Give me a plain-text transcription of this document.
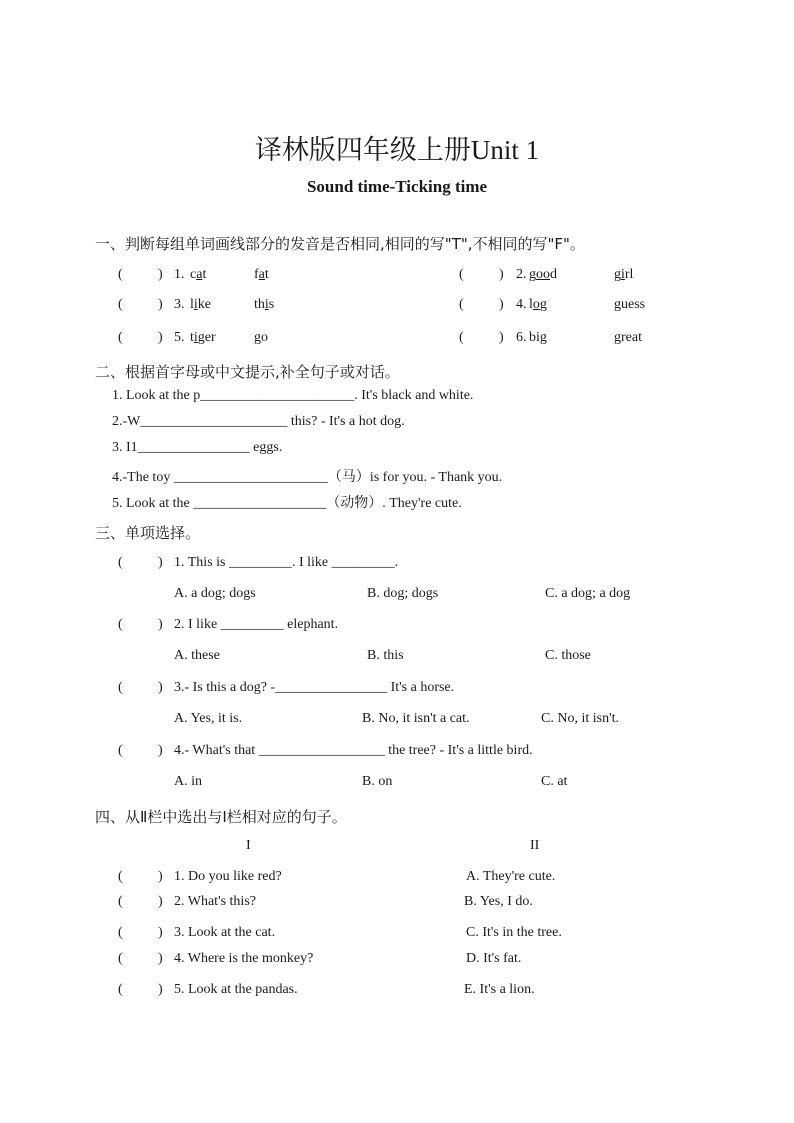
译林版四年级上册Unit 1
Sound time-Ticking time
一、判断每组单词画线部分的发音是否相同,相同的写"T",不相同的写"F"。
(	) 1. cat	fat	(	) 2. good	girl
(	) 3. like	this	(	) 4. log	guess
(	) 5. tiger	go	(	) 6. big	great
二、根据首字母或中文提示,补全句子或对话。
1. Look at the p______________________. It's black and white.
2.-W_____________________ this? - It's a hot dog.
3. I1________________ eggs.
4.-The toy ______________________（马）is for you. - Thank you.
5. Look at the ___________________（动物）. They're cute.
三、单项选择。
(	) 1. This is _________. I like _________.
A. a dog; dogs	B. dog; dogs	C. a dog; a dog
(	) 2. I like _________ elephant.
A. these	B. this	C. those
(	) 3.- Is this a dog? -________________ It's a horse.
A. Yes, it is.	B. No, it isn't a cat.	C. No, it isn't.
(	) 4.- What's that __________________ the tree? - It's a little bird.
A. in	B. on	C. at
四、从Ⅱ栏中选出与Ⅰ栏相对应的句子。
I	II
(	) 1. Do you like red?	A. They're cute.
(	) 2. What's this?	B. Yes, I do.
(	) 3. Look at the cat.	C. It's in the tree.
(	) 4. Where is the monkey?	D. It's fat.
(	) 5. Look at the pandas.	E. It's a lion.
